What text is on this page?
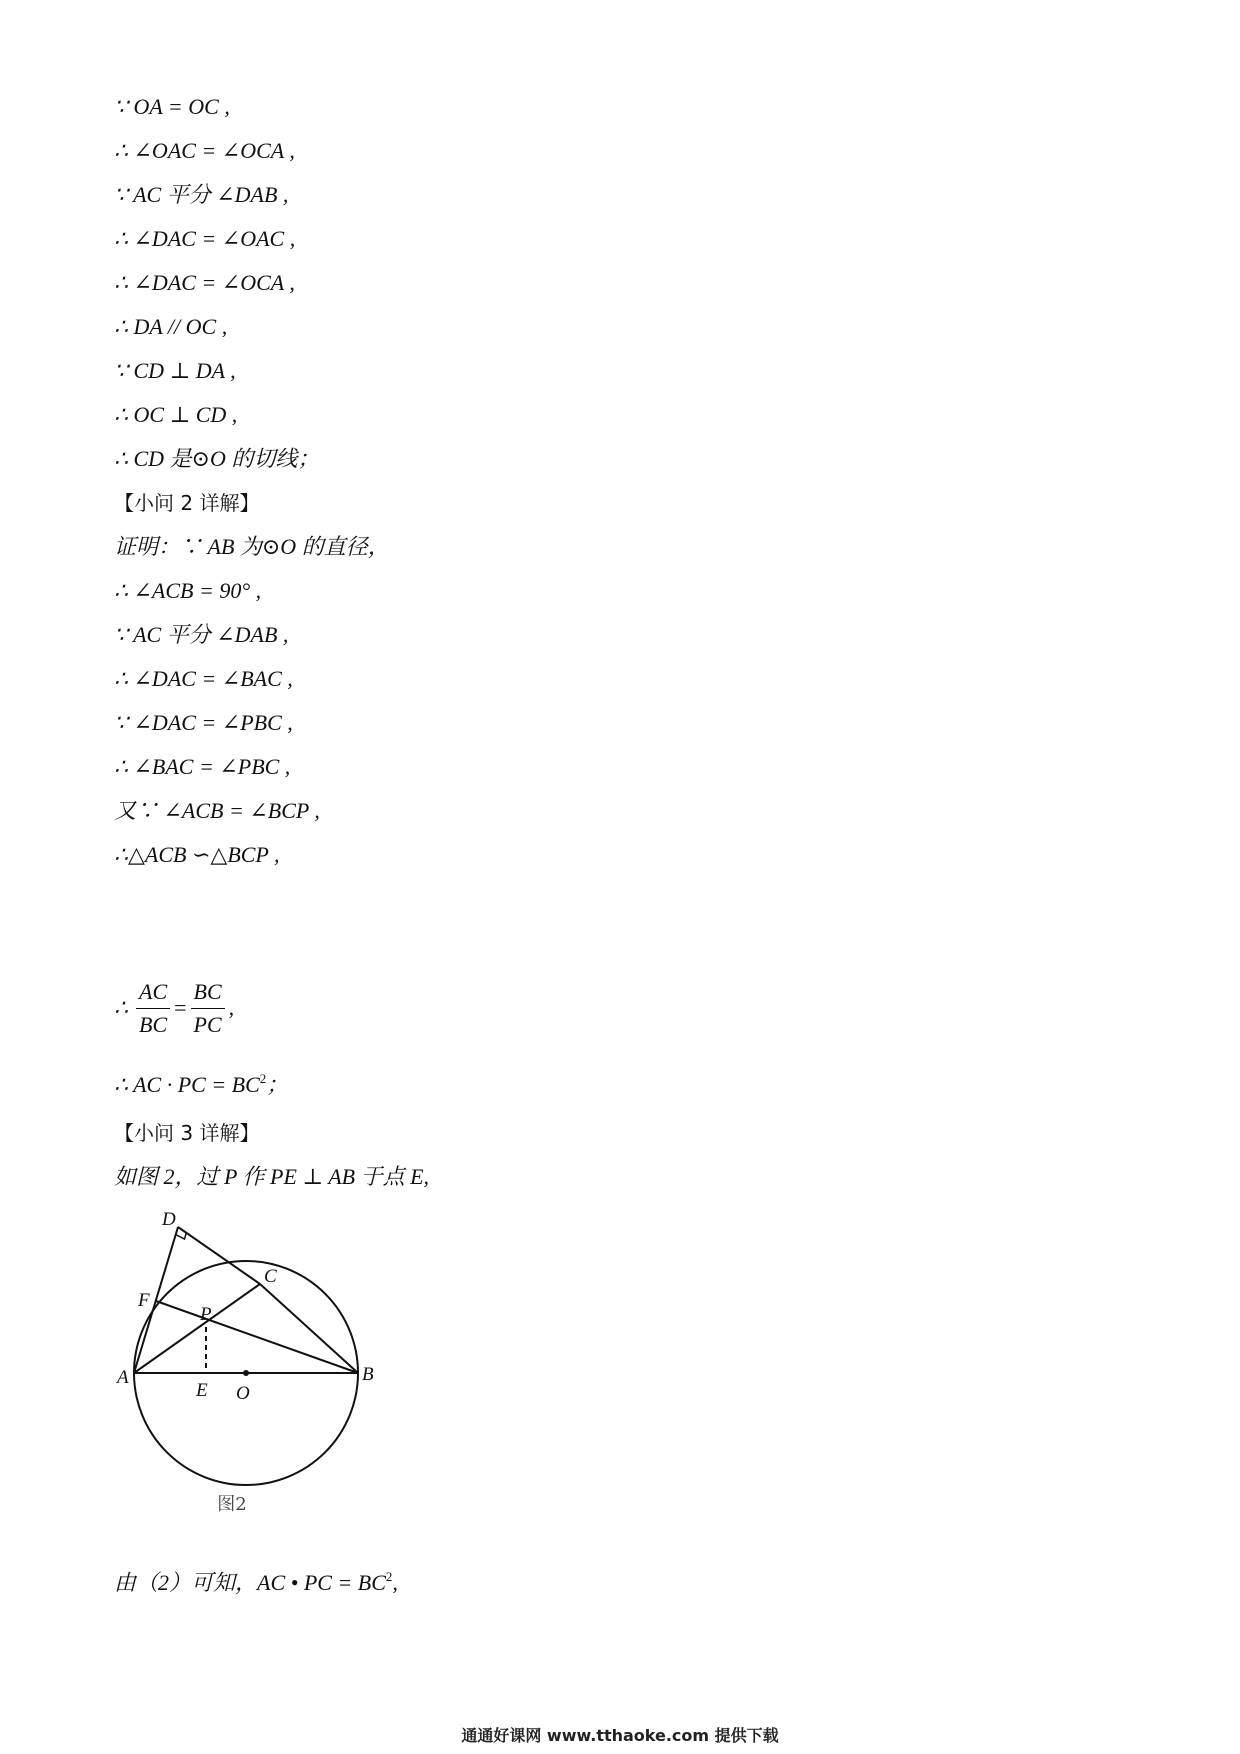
∵ OA = OC ,
∴ ∠OAC = ∠OCA ,
∵ AC 平分 ∠DAB ,
∴ ∠DAC = ∠OAC ,
∴ ∠DAC = ∠OCA ,
∴ DA // OC ,
∵ CD ⊥ DA ,
∴ OC ⊥ CD ,
∴ CD 是⊙O 的切线；
【小问 2 详解】
证明：∵ AB 为⊙O 的直径，
∴ ∠ACB = 90° ,
∵ AC 平分 ∠DAB ,
∴ ∠DAC = ∠BAC ,
∵ ∠DAC = ∠PBC ,
∴ ∠BAC = ∠PBC ,
又∵ ∠ACB = ∠BCP ,
∴△ACB ∽△BCP ,
∴ $\frac{AC}{BC} = \frac{BC}{PC}$ ,
∴ AC · PC = $BC^2$；
【小问 3 详解】
如图 2，过 P 作 PE ⊥ AB 于点 E,
D
C
F
P
A	B
E O
图2
由（2）可知，AC • PC = $BC^2$,
通通好课网 www.tthaoke.com 提供下载
